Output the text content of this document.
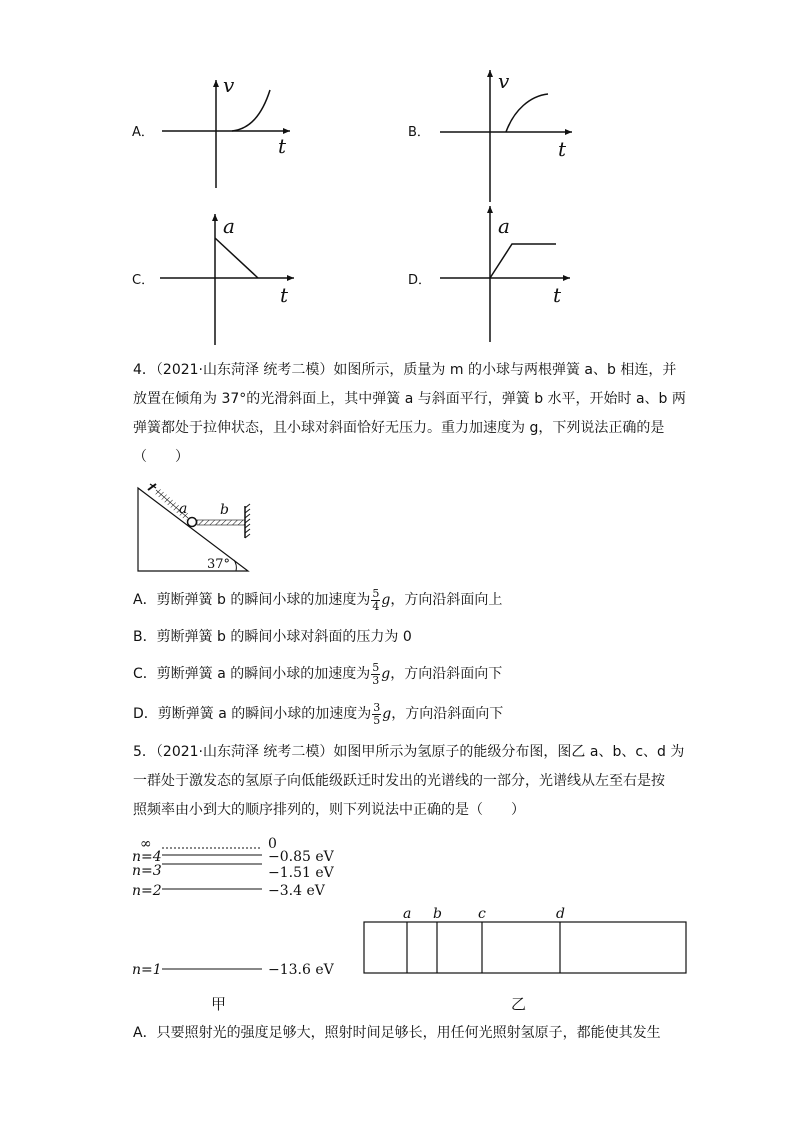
A．
v
t
B．
v
t
C．
a
t
D．
a
t
4．（2021·山东菏泽 统考二模）如图所示，质量为 m 的小球与两根弹簧 a、b 相连，并
放置在倾角为 37°的光滑斜面上，其中弹簧 a 与斜面平行，弹簧 b 水平，开始时 a、b 两
弹簧都处于拉伸状态，且小球对斜面恰好无压力。重力加速度为 g，下列说法正确的是
（　　）
a b
37°
A．剪断弹簧 b 的瞬间小球的加速度为 $\frac{5}{4}$ g，方向沿斜面向上
B．剪断弹簧 b 的瞬间小球对斜面的压力为 0
C．剪断弹簧 a 的瞬间小球的加速度为 $\frac{5}{3}$ g，方向沿斜面向下
D．剪断弹簧 a 的瞬间小球的加速度为 $\frac{3}{5}$ g，方向沿斜面向下
5．（2021·山东菏泽 统考二模）如图甲所示为氢原子的能级分布图，图乙 a、b、c、d 为
一群处于激发态的氢原子向低能级跃迁时发出的光谱线的一部分，光谱线从左至右是按
照频率由小到大的顺序排列的，则下列说法中正确的是（　　）
∞	0
n=4	−0.85 eV
n=3	−1.51 eV
n=2	−3.4 eV
n=1	−13.6 eV
甲
a b	c	d
乙
A．只要照射光的强度足够大，照射时间足够长，用任何光照射氢原子，都能使其发生
